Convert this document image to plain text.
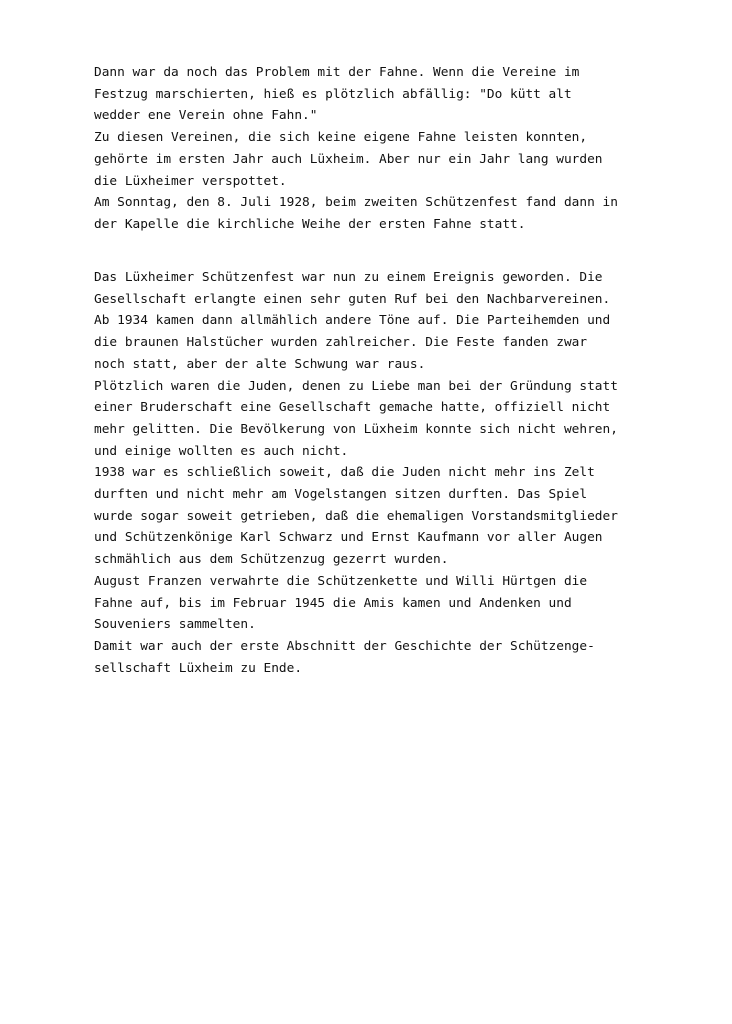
Dann war da noch das Problem mit der Fahne. Wenn die Vereine im
Festzug marschierten, hieß es plötzlich abfällig: "Do kütt alt
wedder ene Verein ohne Fahn."
Zu diesen Vereinen, die sich keine eigene Fahne leisten konnten,
gehörte im ersten Jahr auch Lüxheim. Aber nur ein Jahr lang wurden
die Lüxheimer verspottet.
Am Sonntag, den 8. Juli 1928, beim zweiten Schützenfest fand dann in
der Kapelle die kirchliche Weihe der ersten Fahne statt.
Das Lüxheimer Schützenfest war nun zu einem Ereignis geworden. Die
Gesellschaft erlangte einen sehr guten Ruf bei den Nachbarvereinen.
Ab 1934 kamen dann allmählich andere Töne auf. Die Parteihemden und
die braunen Halstücher wurden zahlreicher. Die Feste fanden zwar
noch statt, aber der alte Schwung war raus.
Plötzlich waren die Juden, denen zu Liebe man bei der Gründung statt
einer Bruderschaft eine Gesellschaft gemache hatte, offiziell nicht
mehr gelitten. Die Bevölkerung von Lüxheim konnte sich nicht wehren,
und einige wollten es auch nicht.
1938 war es schließlich soweit, daß die Juden nicht mehr ins Zelt
durften und nicht mehr am Vogelstangen sitzen durften. Das Spiel
wurde sogar soweit getrieben, daß die ehemaligen Vorstandsmitglieder
und Schützenkönige Karl Schwarz und Ernst Kaufmann vor aller Augen
schmählich aus dem Schützenzug gezerrt wurden.
August Franzen verwahrte die Schützenkette und Willi Hürtgen die
Fahne auf, bis im Februar 1945 die Amis kamen und Andenken und
Souveniers sammelten.
Damit war auch der erste Abschnitt der Geschichte der Schützenge-
sellschaft Lüxheim zu Ende.
